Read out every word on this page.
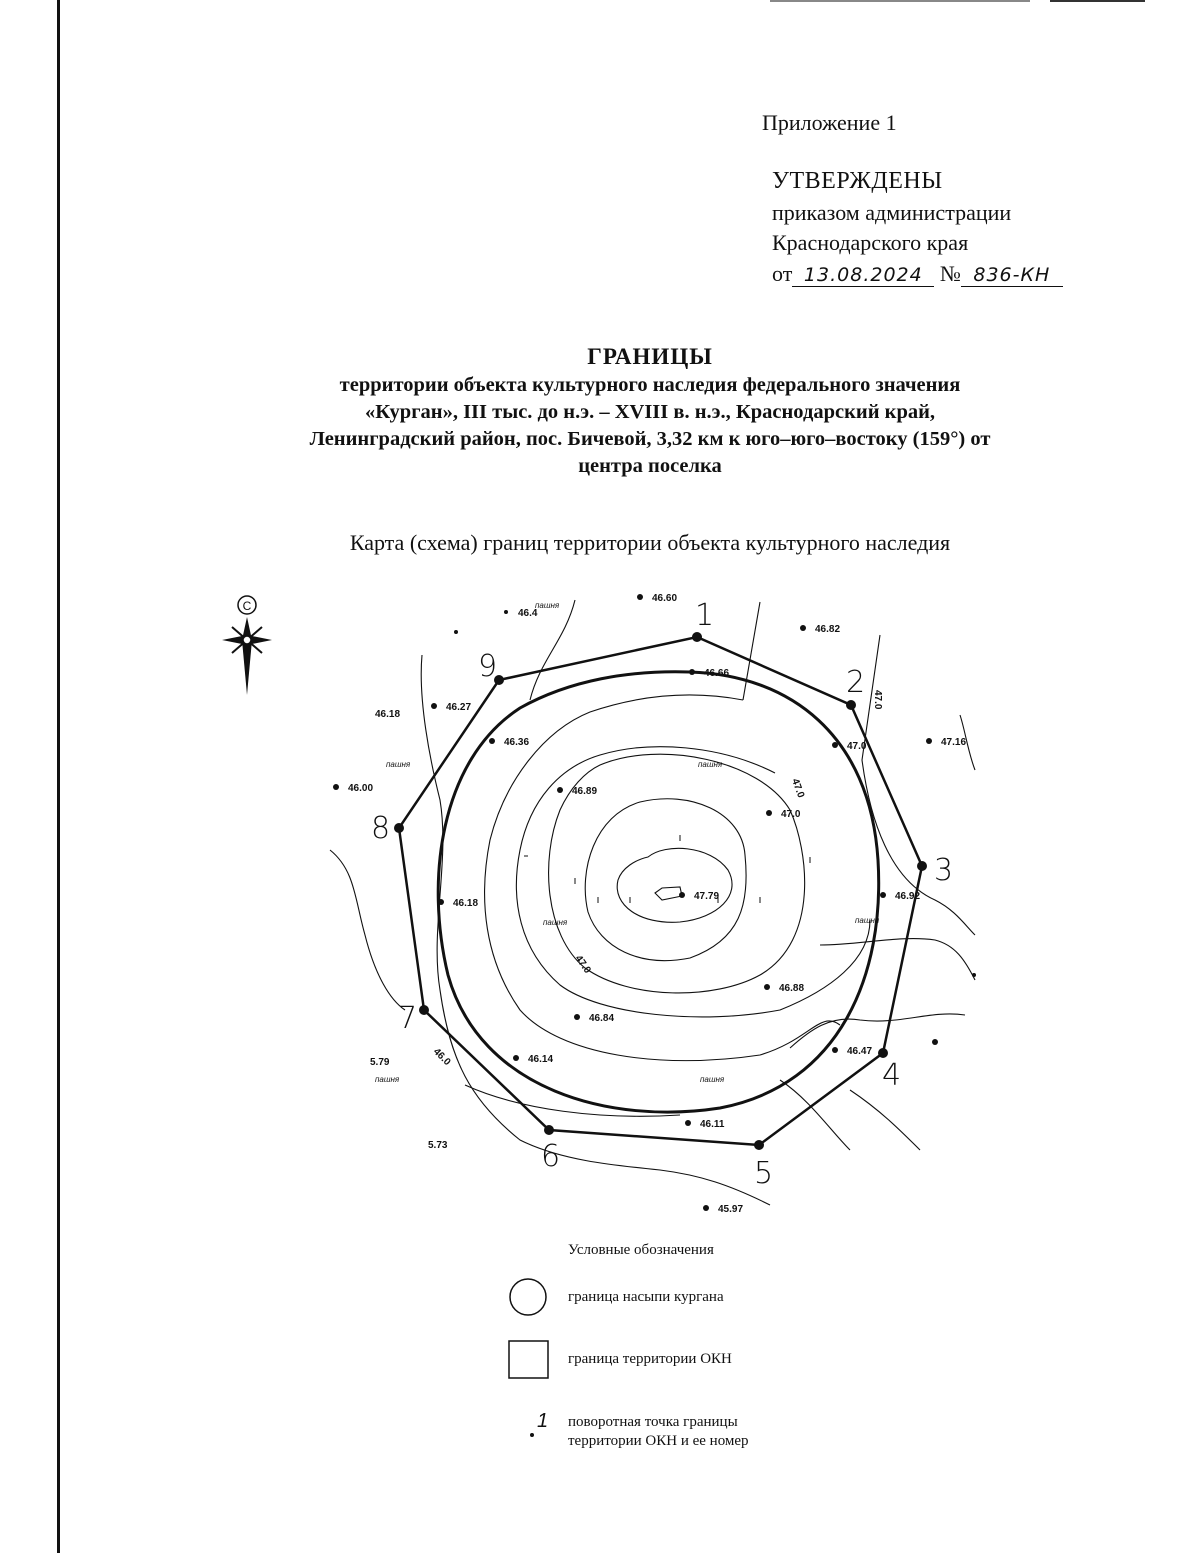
Приложение 1
УТВЕРЖДЕНЫ
приказом администрации
Краснодарского края
от 13.08.2024 № 836-КН
ГРАНИЦЫ
территории объекта культурного наследия федерального значения
«Курган», III тыс. до н.э. – XVIII в. н.э., Краснодарский край,
Ленинградский район, пос. Бичевой, 3,32 км к юго–юго–востоку (159°) от
центра поселка
Карта (схема) границ территории объекта культурного наследия
С	1
2
3
4
5
6
7
8
9
46.60
46.4
46.82
46.66
46.27
46.18
46.36	47.0
46.00	46.89
47.0
46.18
47.79	46.92
46.88
46.84
46.14
46.47
46.11
45.97
5.79
5.73
47.16
47.0
47.0
46.0
47.0
пашня
пашня	пашня
пашня	пашня
пашня	пашня
1
Условные обозначения
граница насыпи кургана
граница территории ОКН
поворотная точка границы
территории ОКН и ее номер
